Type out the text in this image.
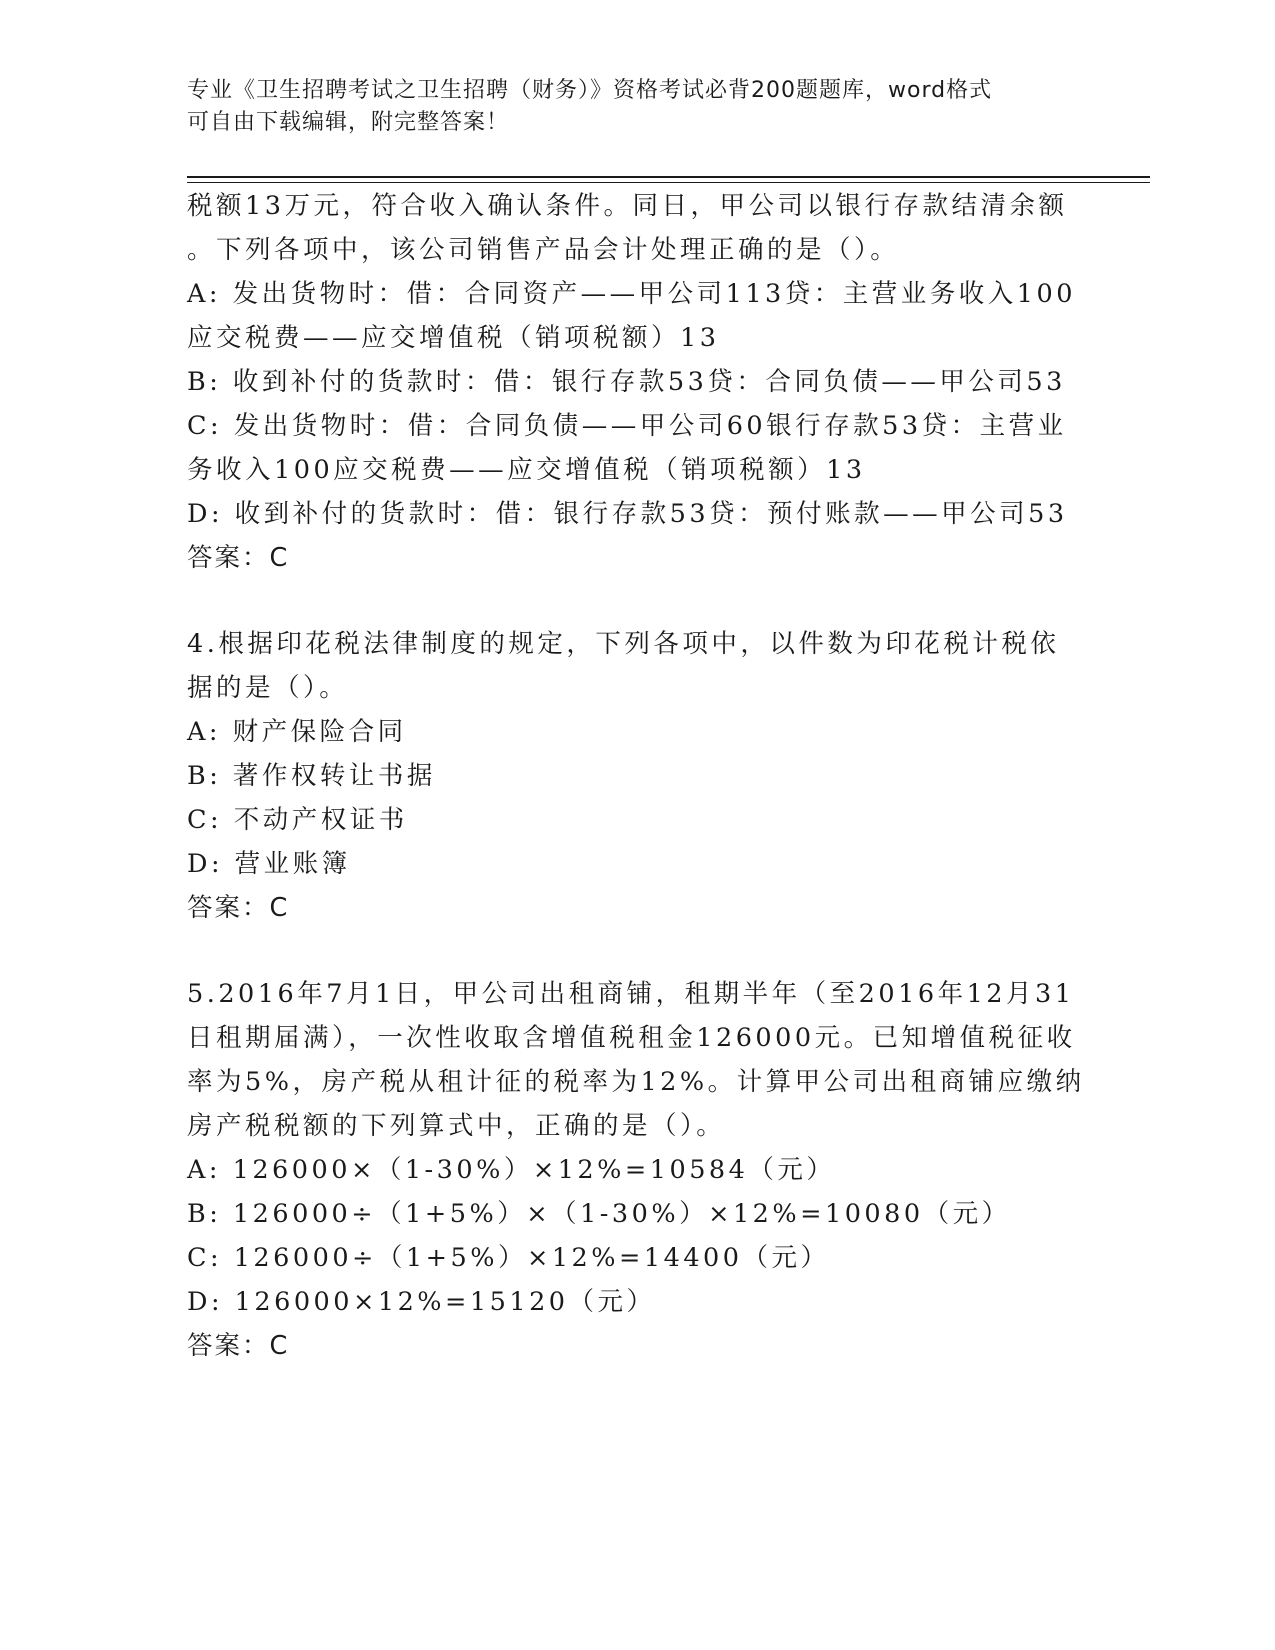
专业《卫生招聘考试之卫生招聘（财务）》资格考试必背200题题库，word格式
可自由下载编辑，附完整答案！
税额13万元，符合收入确认条件。同日，甲公司以银行存款结清余额
。下列各项中，该公司销售产品会计处理正确的是（）。
A: 发出货物时：借：合同资产——甲公司113贷：主营业务收入100
应交税费——应交增值税（销项税额）13
B: 收到补付的货款时：借：银行存款53贷：合同负债——甲公司53
C: 发出货物时：借：合同负债——甲公司60银行存款53贷：主营业
务收入100应交税费——应交增值税（销项税额）13
D: 收到补付的货款时：借：银行存款53贷：预付账款——甲公司53
答案：C
4.根据印花税法律制度的规定，下列各项中，以件数为印花税计税依
据的是（）。
A: 财产保险合同
B: 著作权转让书据
C: 不动产权证书
D: 营业账簿
答案：C
5.2016年7月1日，甲公司出租商铺，租期半年（至2016年12月31
日租期届满），一次性收取含增值税租金126000元。已知增值税征收
率为5%，房产税从租计征的税率为12%。计算甲公司出租商铺应缴纳
房产税税额的下列算式中，正确的是（）。
A: 126000×（1-30%）×12%=10584（元）
B: 126000÷（1+5%）×（1-30%）×12%=10080（元）
C: 126000÷（1+5%）×12%=14400（元）
D: 126000×12%=15120（元）
答案：C
